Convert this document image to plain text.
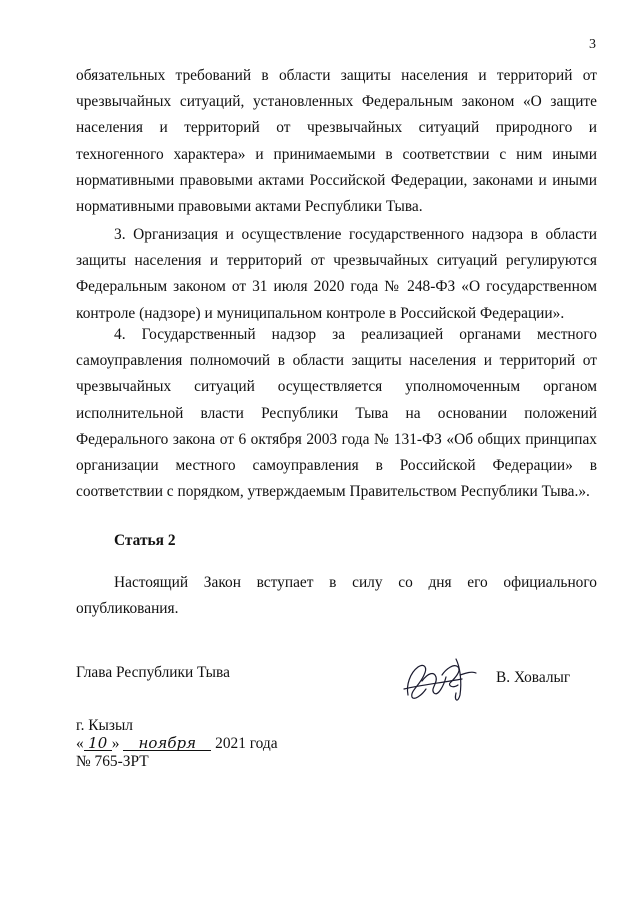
3

обязательных требований в области защиты населения и территорий от чрезвычайных ситуаций, установленных Федеральным законом «О защите населения и территорий от чрезвычайных ситуаций природного и техногенного характера» и принимаемыми в соответствии с ним иными нормативными правовыми актами Российской Федерации, законами и иными нормативными правовыми актами Республики Тыва.

3. Организация и осуществление государственного надзора в области защиты населения и территорий от чрезвычайных ситуаций регулируются Федеральным законом от 31 июля 2020 года № 248-ФЗ «О государственном контроле (надзоре) и муниципальном контроле в Российской Федерации».

4. Государственный надзор за реализацией органами местного самоуправления полномочий в области защиты населения и территорий от чрезвычайных ситуаций осуществляется уполномоченным органом исполнительной власти Республики Тыва на основании положений Федерального закона от 6 октября 2003 года № 131-ФЗ «Об общих принципах организации местного самоуправления в Российской Федерации» в соответствии с порядком, утверждаемым Правительством Республики Тыва.».

Статья 2

Настоящий Закон вступает в силу со дня его официального опубликования.

Глава Республики Тыва	В. Ховалыг
г. Кызыл
« 10 » ноября 2021 года
№ 765-ЗРТ
